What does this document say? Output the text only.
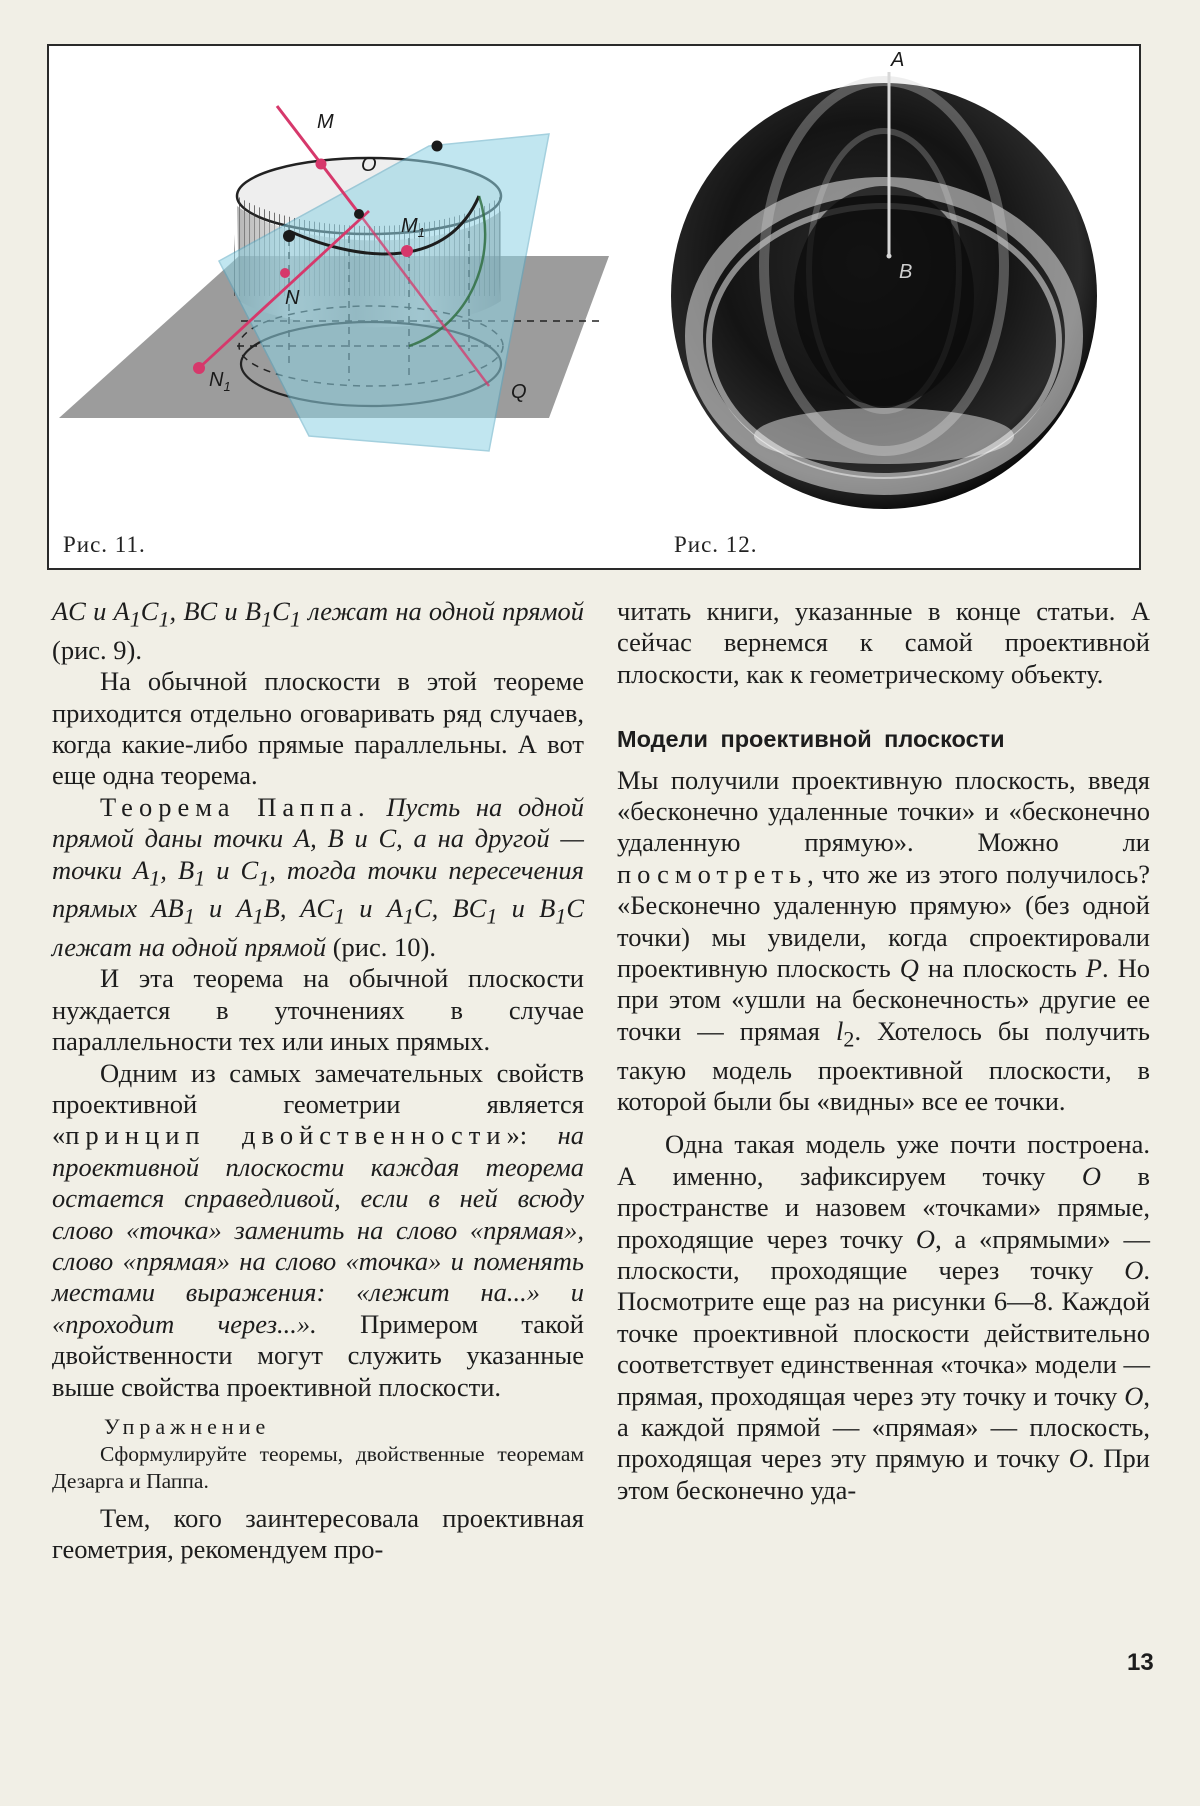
M
O
$M_1$
N
$N_1$	Q
A
B
Рис. 11.	Рис. 12.

AC и $A_1C_1$, BC и $B_1C_1$ лежат на одной прямой (рис. 9).

На обычной плоскости в этой теореме приходится отдельно оговаривать ряд случаев, когда какие-либо прямые параллельны. А вот еще одна теорема.

Теорема Паппа. Пусть на одной прямой даны точки A, B и C, а на другой — точки $A_1$, $B_1$ и $C_1$, тогда точки пересечения прямых $AB_1$ и $A_1B$, $AC_1$ и $A_1C$, $BC_1$ и $B_1C$ лежат на одной прямой (рис. 10).

И эта теорема на обычной плоскости нуждается в уточнениях в случае параллельности тех или иных прямых.

Одним из самых замечательных свойств проективной геометрии является «принцип двойственности»: на проективной плоскости каждая теорема остается справедливой, если в ней всюду слово «точка» заменить на слово «прямая», слово «прямая» на слово «точка» и поменять местами выражения: «лежит на...» и «проходит через...». Примером такой двойственности могут служить указанные выше свойства проективной плоскости.

Упражнение

Сформулируйте теоремы, двойственные теоремам Дезарга и Паппа.

Тем, кого заинтересовала проективная геометрия, рекомендуем про-

читать книги, указанные в конце статьи. А сейчас вернемся к самой проективной плоскости, как к геометрическому объекту.

Модели проективной плоскости

Мы получили проективную плоскость, введя «бесконечно удаленные точки» и «бесконечно удаленную прямую». Можно ли посмотреть, что же из этого получилось? «Бесконечно удаленную прямую» (без одной точки) мы увидели, когда спроектировали проективную плоскость Q на плоскость P. Но при этом «ушли на бесконечность» другие ее точки — прямая $l_2$. Хотелось бы получить такую модель проективной плоскости, в которой были бы «видны» все ее точки.

Одна такая модель уже почти построена. А именно, зафиксируем точку O в пространстве и назовем «точками» прямые, проходящие через точку O, а «прямыми» — плоскости, проходящие через точку O. Посмотрите еще раз на рисунки 6—8. Каждой точке проективной плоскости действительно соответствует единственная «точка» модели — прямая, проходящая через эту точку и точку O, а каждой прямой — «прямая» — плоскость, проходящая через эту прямую и точку O. При этом бесконечно уда-

13
